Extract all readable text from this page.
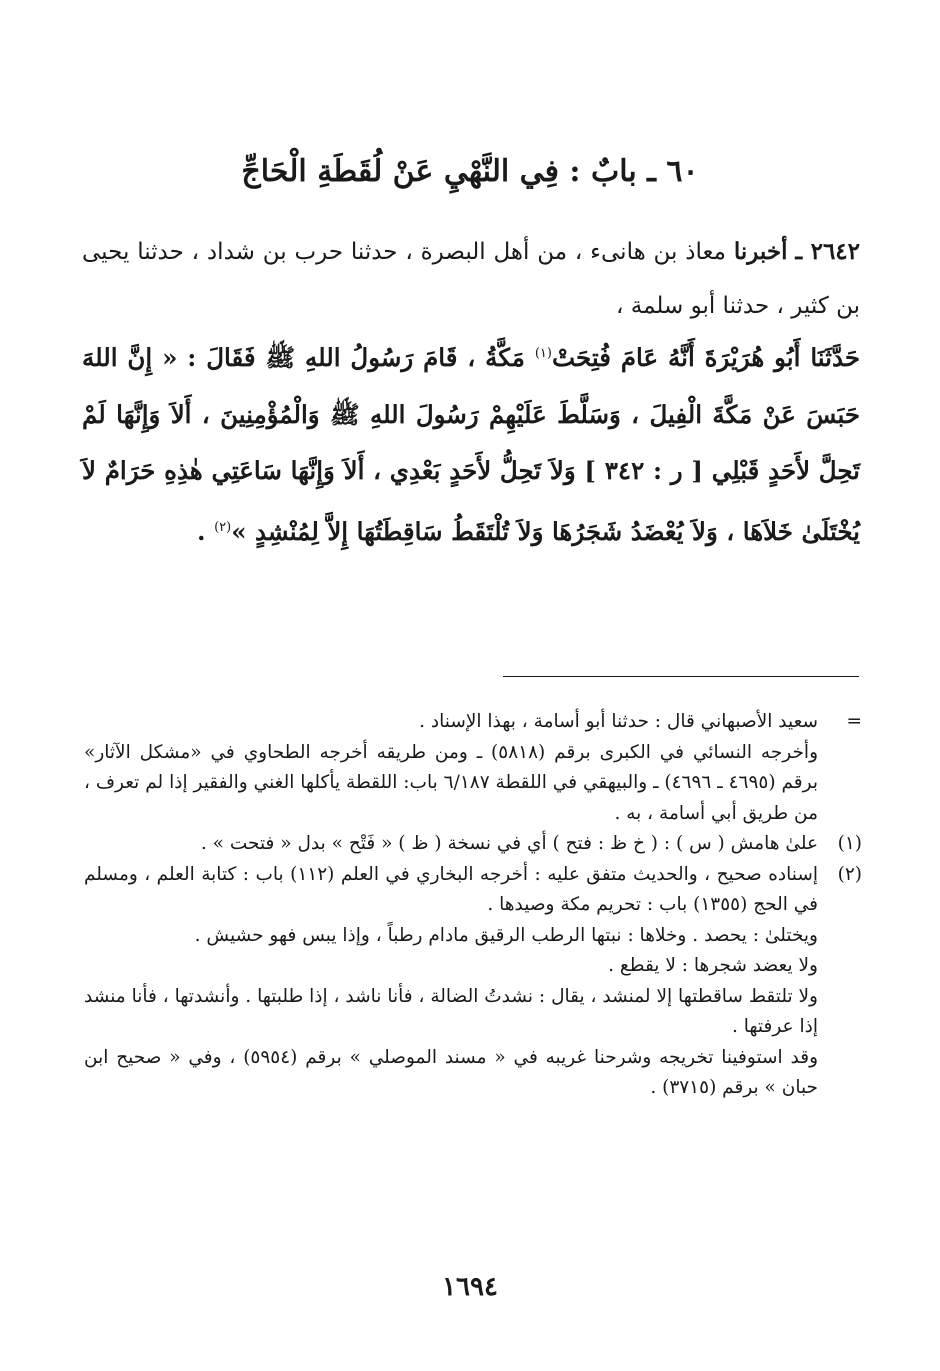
٦٠ ـ بابٌ : فِي النَّهْيِ عَنْ لُقَطَةِ الْحَاجِّ
٢٦٤٢ ـ أخبرنا معاذ بن هانىء ، من أهل البصرة ، حدثنا حرب بن شداد ، حدثنا يحيى بن كثير ، حدثنا أبو سلمة ،
حَدَّثَنَا أَبُو هُرَيْرَةَ أَنَّهُ عَامَ فُتِحَتْ$^{(١)}$ مَكَّةُ ، قَامَ رَسُولُ اللهِ ﷺ فَقَالَ : « إِنَّ اللهَ حَبَسَ عَنْ مَكَّةَ الْفِيلَ ، وَسَلَّطَ عَلَيْهِمْ رَسُولَ اللهِ ﷺ وَالْمُؤْمِنِينَ ، أَلاَ وَإِنَّهَا لَمْ تَحِلَّ لأَحَدٍ قَبْلِي [ ر : ٣٤٢ ] وَلاَ تَحِلُّ لأَحَدٍ بَعْدِي ، أَلاَ وَإِنَّهَا سَاعَتِي هٰذِهِ حَرَامٌ لاَ يُخْتَلَىٰ خَلاَهَا ، وَلاَ يُعْضَدُ شَجَرُهَا وَلاَ تُلْتَقَطُ سَاقِطَتُهَا إِلاَّ لِمُنْشِدٍ »$^{(٢)}$ .
=

سعيد الأصبهاني قال : حدثنا أبو أسامة ، بهذا الإسناد .

وأخرجه النسائي في الكبرى برقم (٥٨١٨) ـ ومن طريقه أخرجه الطحاوي في «مشكل الآثار» برقم (٤٦٩٥ ـ ٤٦٩٦) ـ والبيهقي في اللقطة ٦/١٨٧ باب: اللقطة يأكلها الغني والفقير إذا لم تعرف ، من طريق أبي أسامة ، به .

(١)
علىٰ هامش ( س ) : ( خ ظ : فتح ) أي في نسخة ( ظ ) « فَتْح » بدل « فتحت » .
(٢)

إسناده صحيح ، والحديث متفق عليه : أخرجه البخاري في العلم (١١٢) باب : كتابة العلم ، ومسلم في الحج (١٣٥٥) باب : تحريم مكة وصيدها .

ويختلىٰ : يحصد . وخلاها : نبتها الرطب الرقيق مادام رطباً ، وإذا يبس فهو حشيش .

ولا يعضد شجرها : لا يقطع .

ولا تلتقط ساقطتها إلا لمنشد ، يقال : نشدتُ الضالة ، فأنا ناشد ، إذا طلبتها . وأنشدتها ، فأنا منشد إذا عرفتها .

وقد استوفينا تخريجه وشرحنا غريبه في « مسند الموصلي » برقم (٥٩٥٤) ، وفي « صحيح ابن حبان » برقم (٣٧١٥) .

١٦٩٤
